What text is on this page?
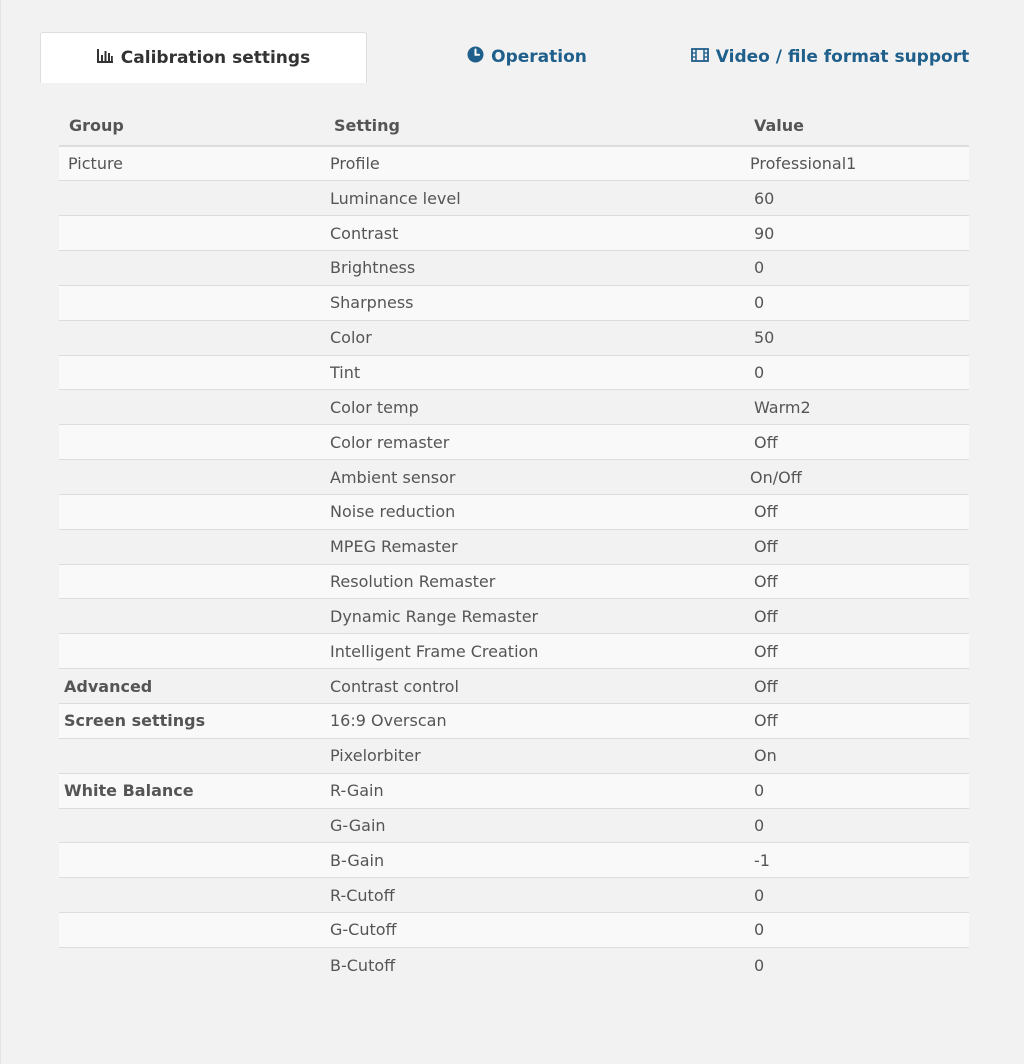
Calibration settings	Operation	Video / file format support
Group	Setting	Value
Picture	Profile	Professional1
	Luminance level	60
	Contrast	90
	Brightness	0
	Sharpness	0
	Color	50
	Tint	0
	Color temp	Warm2
	Color remaster	Off
	Ambient sensor	On/Off
	Noise reduction	Off
	MPEG Remaster	Off
	Resolution Remaster	Off
	Dynamic Range Remaster	Off
	Intelligent Frame Creation	Off
Advanced	Contrast control	Off
Screen settings	16:9 Overscan	Off
	Pixelorbiter	On
White Balance	R-Gain	0
	G-Gain	0
	B-Gain	-1
	R-Cutoff	0
	G-Cutoff	0
	B-Cutoff	0
